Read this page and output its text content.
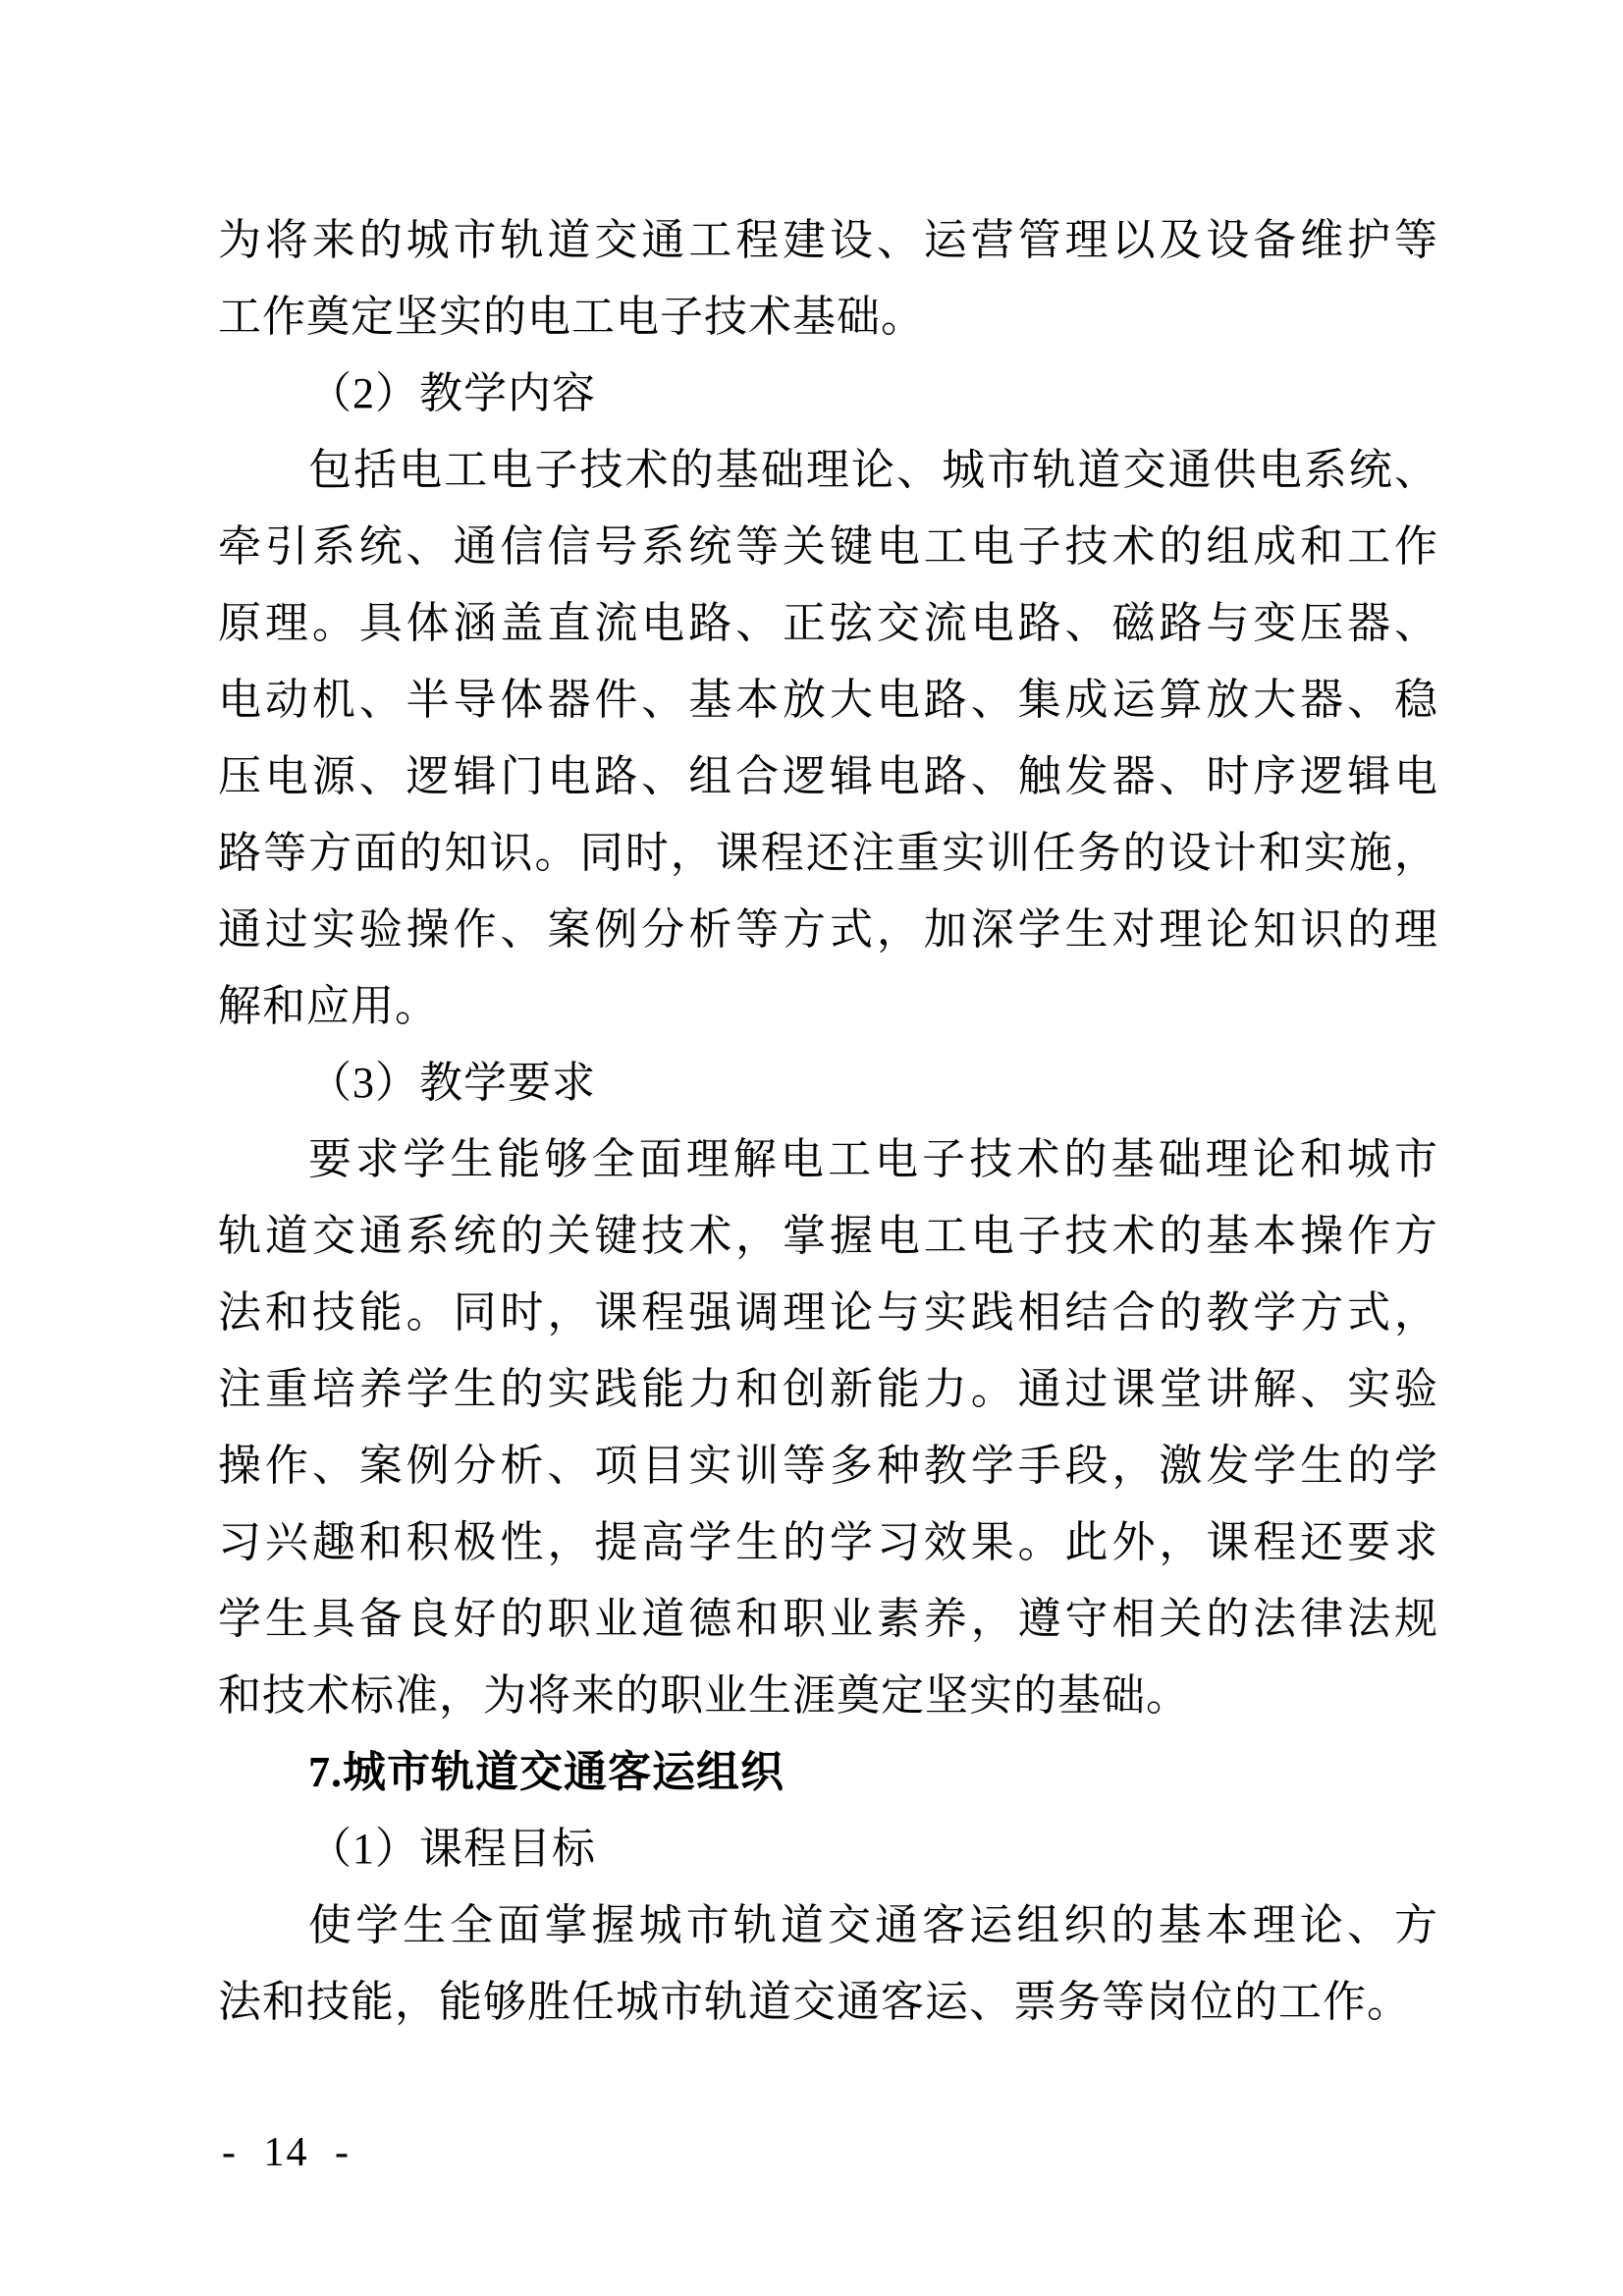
为将来的城市轨道交通工程建设、运营管理以及设备维护等
工作奠定坚实的电工电子技术基础。
（2）教学内容
包括电工电子技术的基础理论、城市轨道交通供电系统、
牵引系统、通信信号系统等关键电工电子技术的组成和工作
原理。具体涵盖直流电路、正弦交流电路、磁路与变压器、
电动机、半导体器件、基本放大电路、集成运算放大器、稳
压电源、逻辑门电路、组合逻辑电路、触发器、时序逻辑电
路等方面的知识。同时，课程还注重实训任务的设计和实施，
通过实验操作、案例分析等方式，加深学生对理论知识的理
解和应用。
（3）教学要求
要求学生能够全面理解电工电子技术的基础理论和城市
轨道交通系统的关键技术，掌握电工电子技术的基本操作方
法和技能。同时，课程强调理论与实践相结合的教学方式，
注重培养学生的实践能力和创新能力。通过课堂讲解、实验
操作、案例分析、项目实训等多种教学手段，激发学生的学
习兴趣和积极性，提高学生的学习效果。此外，课程还要求
学生具备良好的职业道德和职业素养，遵守相关的法律法规
和技术标准，为将来的职业生涯奠定坚实的基础。
7.城市轨道交通客运组织
（1）课程目标
使学生全面掌握城市轨道交通客运组织的基本理论、方
法和技能，能够胜任城市轨道交通客运、票务等岗位的工作。
- 14 -
